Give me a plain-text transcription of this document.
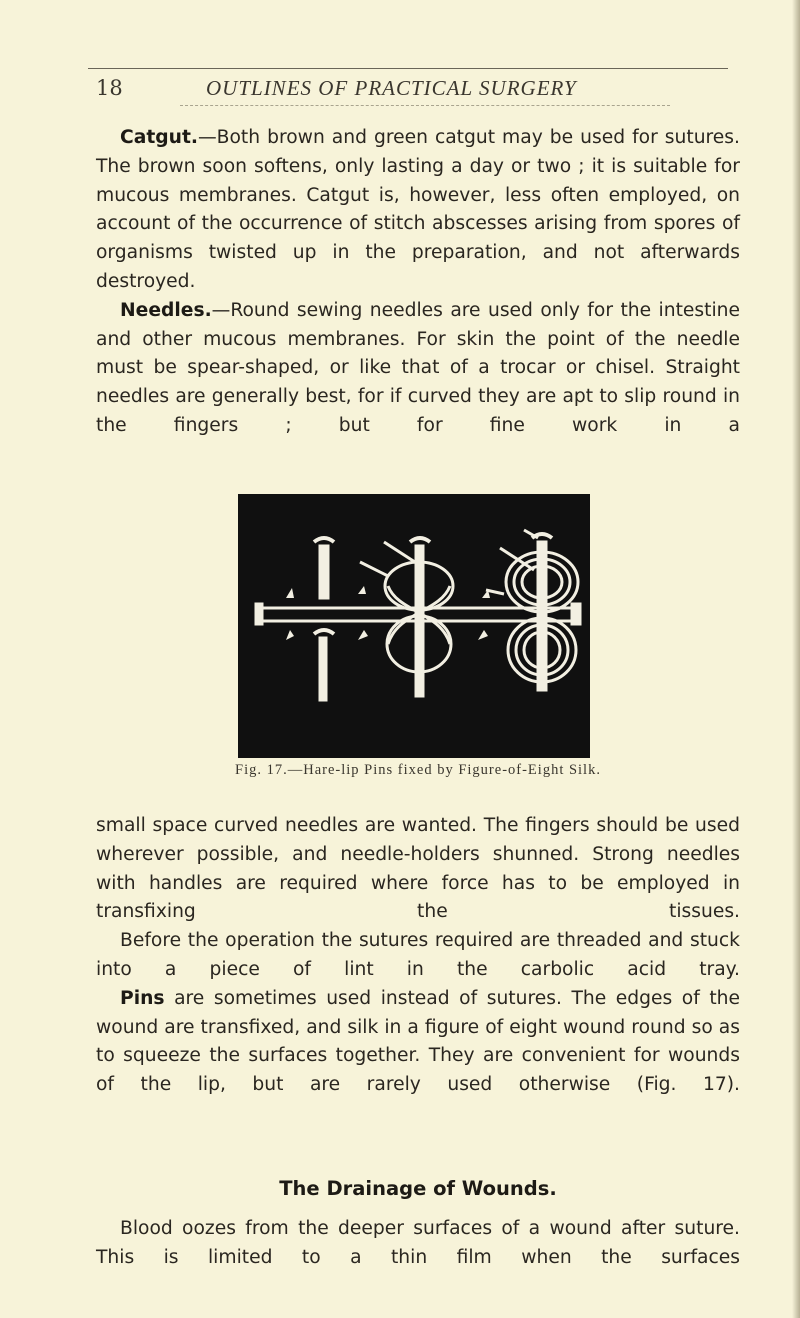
18	OUTLINES OF PRACTICAL SURGERY

Catgut.—Both brown and green catgut may be used for sutures. The brown soon softens, only lasting a day or two ; it is suitable for mucous membranes. Catgut is, however, less often employed, on account of the occurrence of stitch abscesses arising from spores of organisms twisted up in the preparation, and not afterwards destroyed.

Needles.—Round sewing needles are used only for the intestine and other mucous membranes. For skin the point of the needle must be spear-shaped, or like that of a trocar or chisel. Straight needles are generally best, for if curved they are apt to slip round in the fingers ; but for fine work in a

Fig. 17.—Hare-lip Pins fixed by Figure-of-Eight Silk.

small space curved needles are wanted. The fingers should be used wherever possible, and needle-holders shunned. Strong needles with handles are required where force has to be employed in transfixing the tissues.

Before the operation the sutures required are threaded and stuck into a piece of lint in the carbolic acid tray.

Pins are sometimes used instead of sutures. The edges of the wound are transfixed, and silk in a figure of eight wound round so as to squeeze the surfaces together. They are convenient for wounds of the lip, but are rarely used otherwise (Fig. 17).

The Drainage of Wounds.

Blood oozes from the deeper surfaces of a wound after suture. This is limited to a thin film when the surfaces
